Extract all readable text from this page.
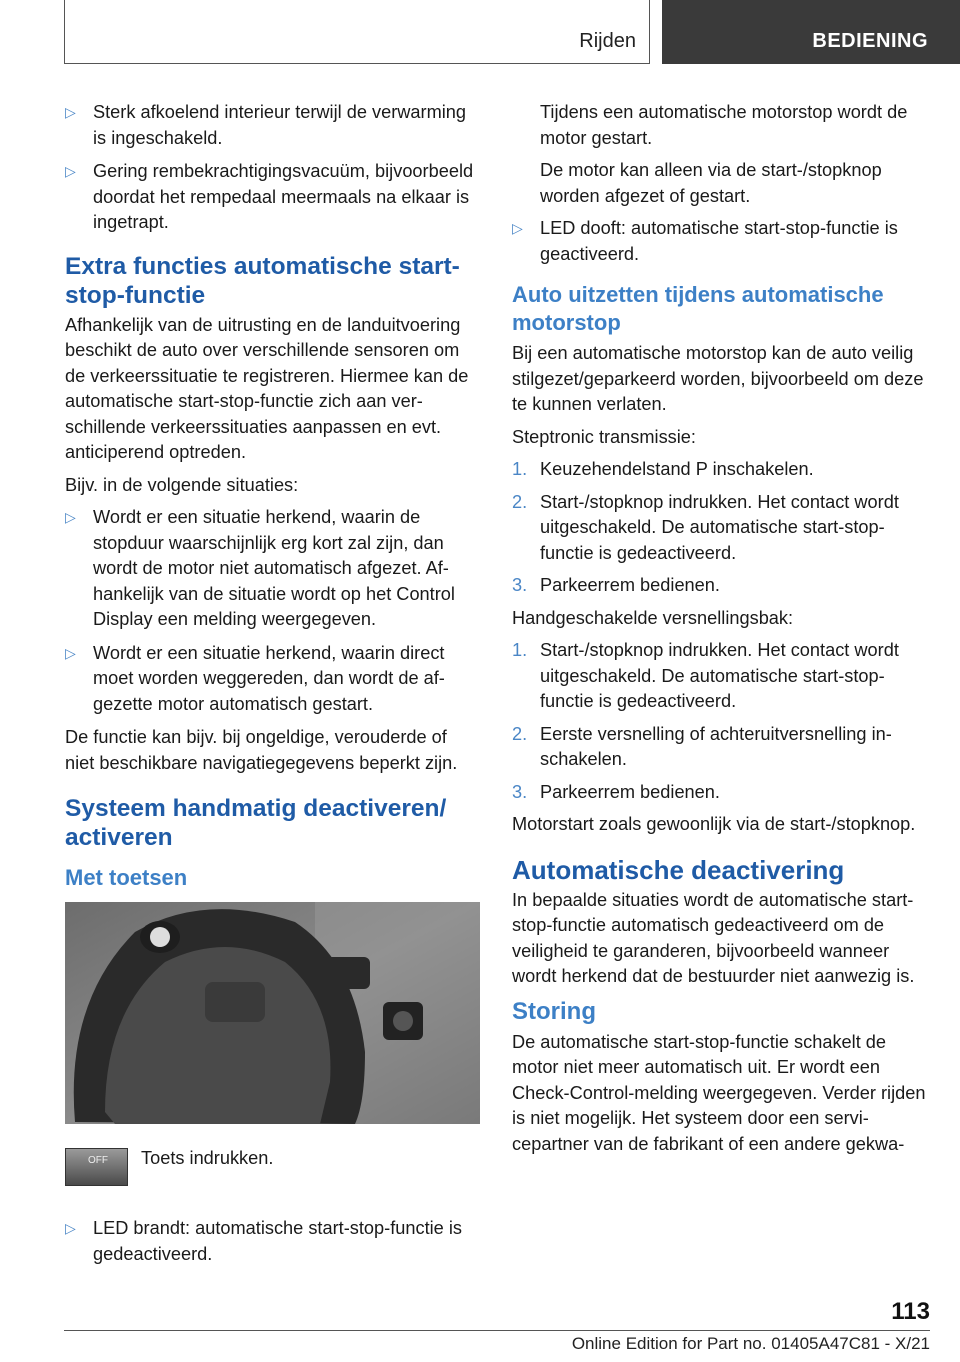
Rijden	BEDIENING
▷ Sterk afkoelend interieur terwijl de verwarming is ingeschakeld.
▷ Gering rembekrachtigingsvacuüm, bijvoorbeeld doordat het rempedaal meermaals na elkaar is ingetrapt.
Extra functies automatische start-stop-functie

Afhankelijk van de uitrusting en de landuitvoering beschikt de auto over verschillende sensoren om de verkeerssituatie te registreren. Hiermee kan de automatische start-stop-functie zich aan verschillende verkeerssituaties aanpassen en evt. anticiperend optreden.

Bijv. in de volgende situaties:

▷ Wordt er een situatie herkend, waarin de stopduur waarschijnlijk erg kort zal zijn, dan wordt de motor niet automatisch afgezet. Afhankelijk van de situatie wordt op het Control Display een melding weergegeven.
▷ Wordt er een situatie herkend, waarin direct moet worden weggereden, dan wordt de afgezette motor automatisch gestart.

De functie kan bijv. bij ongeldige, verouderde of niet beschikbare navigatiegegevens beperkt zijn.

Systeem handmatig deactiveren/ activeren
Met toetsen
OFF Toets indrukken.
▷ LED brandt: automatische start-stop-functie is gedeactiveerd.

Tijdens een automatische motorstop wordt de motor gestart.

De motor kan alleen via de start-/stopknop worden afgezet of gestart.

▷ LED dooft: automatische start-stop-functie is geactiveerd.
Auto uitzetten tijdens automatische motorstop

Bij een automatische motorstop kan de auto veilig stilgezet/geparkeerd worden, bijvoorbeeld om deze te kunnen verlaten.

Steptronic transmissie:

1. Keuzehendelstand P inschakelen.
2. Start-/stopknop indrukken. Het contact wordt uitgeschakeld. De automatische start-stop-functie is gedeactiveerd.
3. Parkeerrem bedienen.

Handgeschakelde versnellingsbak:

1. Start-/stopknop indrukken. Het contact wordt uitgeschakeld. De automatische start-stop-functie is gedeactiveerd.
2. Eerste versnelling of achteruitversnelling inschakelen.
3. Parkeerrem bedienen.

Motorstart zoals gewoonlijk via de start-/stopknop.

Automatische deactivering

In bepaalde situaties wordt de automatische start-stop-functie automatisch gedeactiveerd om de veiligheid te garanderen, bijvoorbeeld wanneer wordt herkend dat de bestuurder niet aanwezig is.

Storing

De automatische start-stop-functie schakelt de motor niet meer automatisch uit. Er wordt een Check-Control-melding weergegeven. Verder rijden is niet mogelijk. Het systeem door een servicepartner van de fabrikant of een andere gekwa-

113
Online Edition for Part no. 01405A47C81 - X/21
